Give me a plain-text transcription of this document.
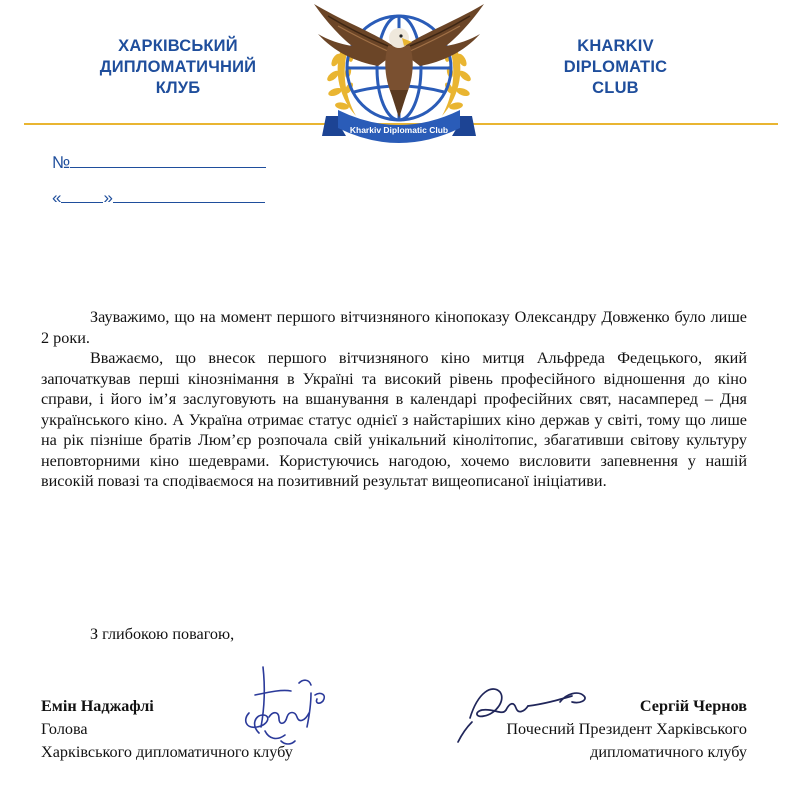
ХАРКІВСЬКИЙ
ДИПЛОМАТИЧНИЙ
КЛУБ
KHARKIV
DIPLOMATIC
CLUB
Kharkiv Diplomatic Club
№
« »

Зауважимо, що на момент першого вітчизняного кінопоказу Олександру Довженко було лише 2 роки.

Вважаємо, що внесок першого вітчизняного кіно митця Альфреда Федецького, який започаткував перші кінознімання в Україні та високий рівень професійного відношення до кіно справи, і його ім’я заслуговують на вшанування в календарі професійних свят, насамперед – Дня українського кіно. А Україна отримає статус однієї з найстаріших кіно держав у світі, тому що лише на рік пізніше братів Люм’єр розпочала свій унікальний кінолітопис, збагативши світову культуру неповторними кіно шедеврами. Користуючись нагодою, хочемо висловити запевнення у нашій високій повазі та сподіваємося на позитивний результат вищеописаної ініціативи.

З глибокою повагою,
Емін Наджафлі
Голова
Харківського дипломатичного клубу
Сергій Чернов
Почесний Президент Харківського
дипломатичного клубу
